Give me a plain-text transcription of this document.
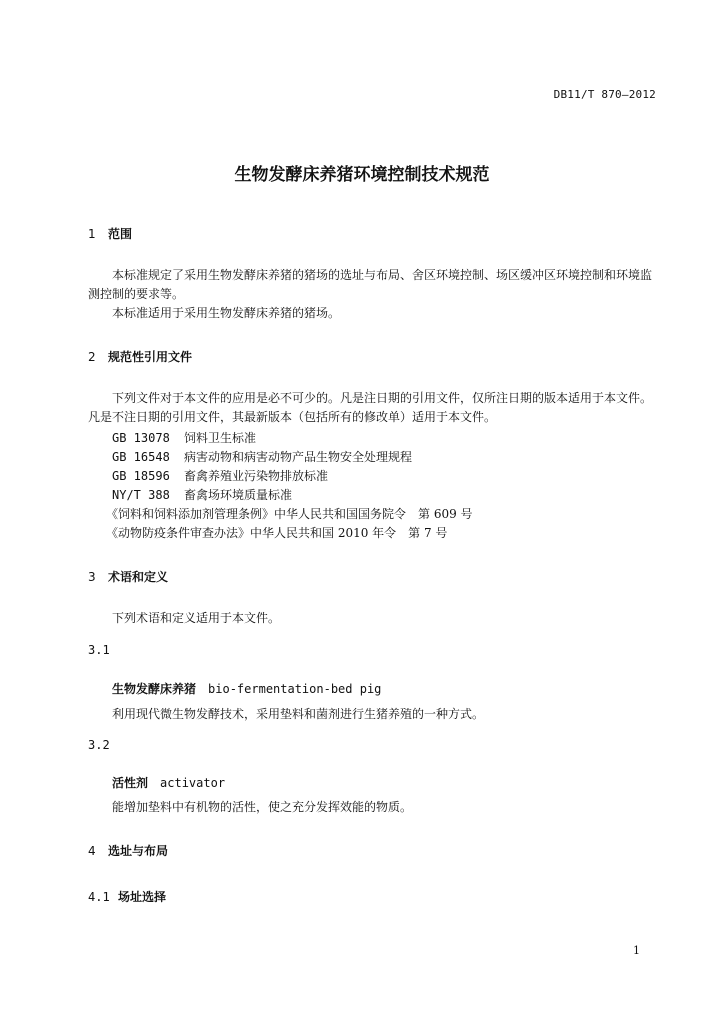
DB11/T 870—2012
生物发酵床养猪环境控制技术规范
1 范围
本标准规定了采用生物发酵床养猪的猪场的选址与布局、舍区环境控制、场区缓冲区环境控制和环境监测控制的要求等。
本标准适用于采用生物发酵床养猪的猪场。
2 规范性引用文件
下列文件对于本文件的应用是必不可少的。凡是注日期的引用文件，仅所注日期的版本适用于本文件。凡是不注日期的引用文件，其最新版本（包括所有的修改单）适用于本文件。
GB 13078 饲料卫生标准
GB 16548 病害动物和病害动物产品生物安全处理规程
GB 18596 畜禽养殖业污染物排放标准
NY/T 388 畜禽场环境质量标准
《饲料和饲料添加剂管理条例》中华人民共和国国务院令　第 609 号
《动物防疫条件审查办法》中华人民共和国 2010 年令　第 7 号
3 术语和定义
下列术语和定义适用于本文件。
3.1
生物发酵床养猪 bio-fermentation-bed pig
利用现代微生物发酵技术，采用垫料和菌剂进行生猪养殖的一种方式。
3.2
活性剂 activator
能增加垫料中有机物的活性，使之充分发挥效能的物质。
4 选址与布局
4.1 场址选择
1
